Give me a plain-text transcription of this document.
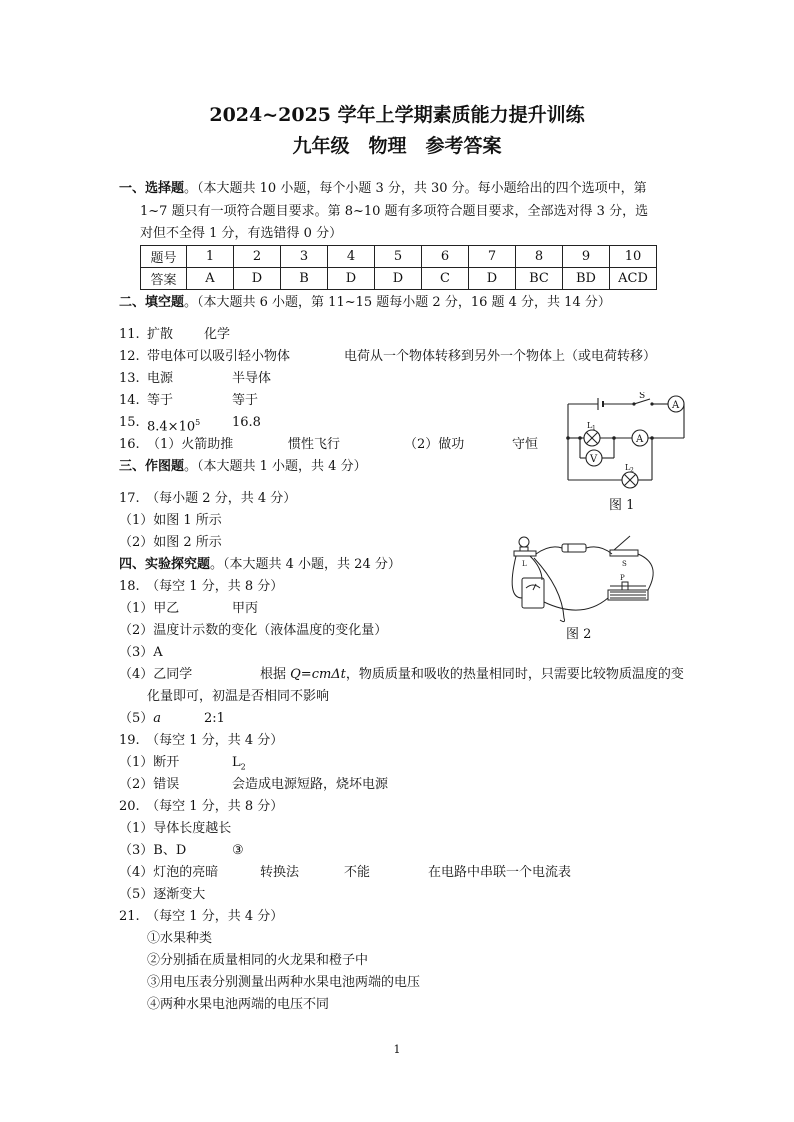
2024~2025 学年上学期素质能力提升训练
九年级　物理　参考答案
一、选择题。（本大题共 10 小题，每个小题 3 分，共 30 分。每小题给出的四个选项中，第
1~7 题只有一项符合题目要求。第 8~10 题有多项符合题目要求，全部选对得 3 分，选
对但不全得 1 分，有选错得 0 分）
题号	1	2	3	4	5	6	7	8	9	10
答案	A	D	B	D	D	C	D	BC	BD	ACD
二、填空题。（本大题共 6 小题，第 11~15 题每小题 2 分，16 题 4 分，共 14 分）
11. 扩散 化学
12. 带电体可以吸引轻小物体	电荷从一个物体转移到另外一个物体上（或电荷转移）
13. 电源	半导体
14. 等于	等于
15. $8.4\times 10^5$ 16.8
16. （1）火箭助推	惯性飞行	（2）做功	守恒
三、作图题。（本大题共 1 小题，共 4 分）
17.　（每小题 2 分，共 4 分）
（1）如图 1 所示
（2）如图 2 所示
四、实验探究题。（本大题共 4 小题，共 24 分）
18.　（每空 1 分，共 8 分）
（1）甲乙	甲丙
（2）温度计示数的变化（液体温度的变化量）
（3）A
（4）乙同学	根据 Q=cmΔt，物质质量和吸收的热量相同时，只需要比较物质温度的变
化量即可，初温是否相同不影响
（5）a	2:1
19.　（每空 1 分，共 4 分）
（1）断开	$L_2$
（2）错误	会造成电源短路，烧坏电源
20.　（每空 1 分，共 8 分）
（1）导体长度越长
（3）B、D	③
（4）灯泡的亮暗	转换法	不能	在电路中串联一个电流表
（5）逐渐变大
21.　（每空 1 分，共 4 分）
①水果种类
②分别插在质量相同的火龙果和橙子中
③用电压表分别测量出两种水果电池两端的电压
④两种水果电池两端的电压不同
S
A
A
V
L 1
L 2
图 1
L	S
P
图 2
1
